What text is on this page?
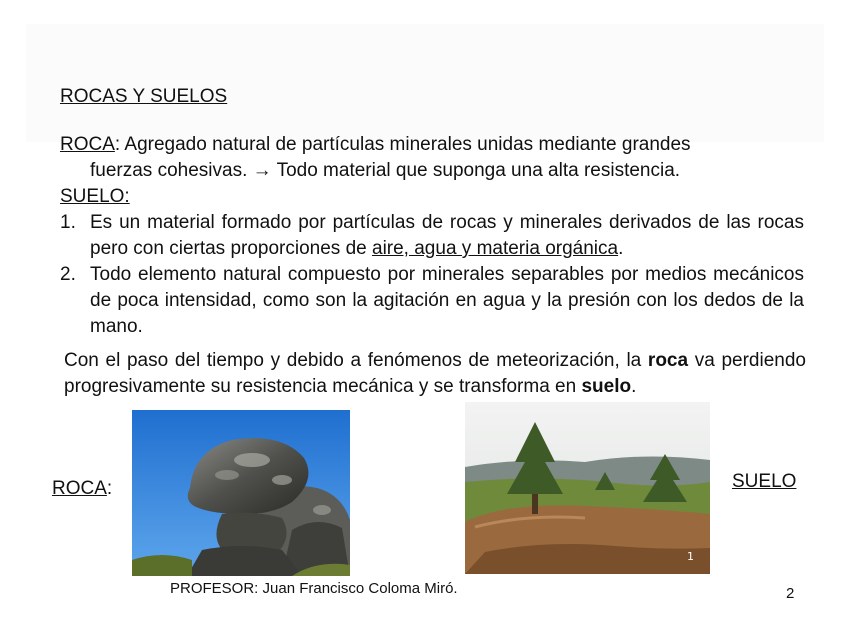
ROCAS Y SUELOS
ROCA: Agregado natural de partículas minerales unidas mediante grandes
fuerzas cohesivas. → Todo material que suponga una alta resistencia.
SUELO:
1. Es un material formado por partículas de rocas y minerales derivados de las rocas pero con ciertas proporciones de aire, agua y materia orgánica.
2. Todo elemento natural compuesto por minerales separables por medios mecánicos de poca intensidad, como son la agitación en agua y la presión con los dedos de la mano.
Con el paso del tiempo y debido a fenómenos de meteorización, la roca va perdiendo progresivamente su resistencia mecánica y se transforma en suelo.
ROCA:	SUELO
1
PROFESOR: Juan Francisco Coloma Miró.	2
